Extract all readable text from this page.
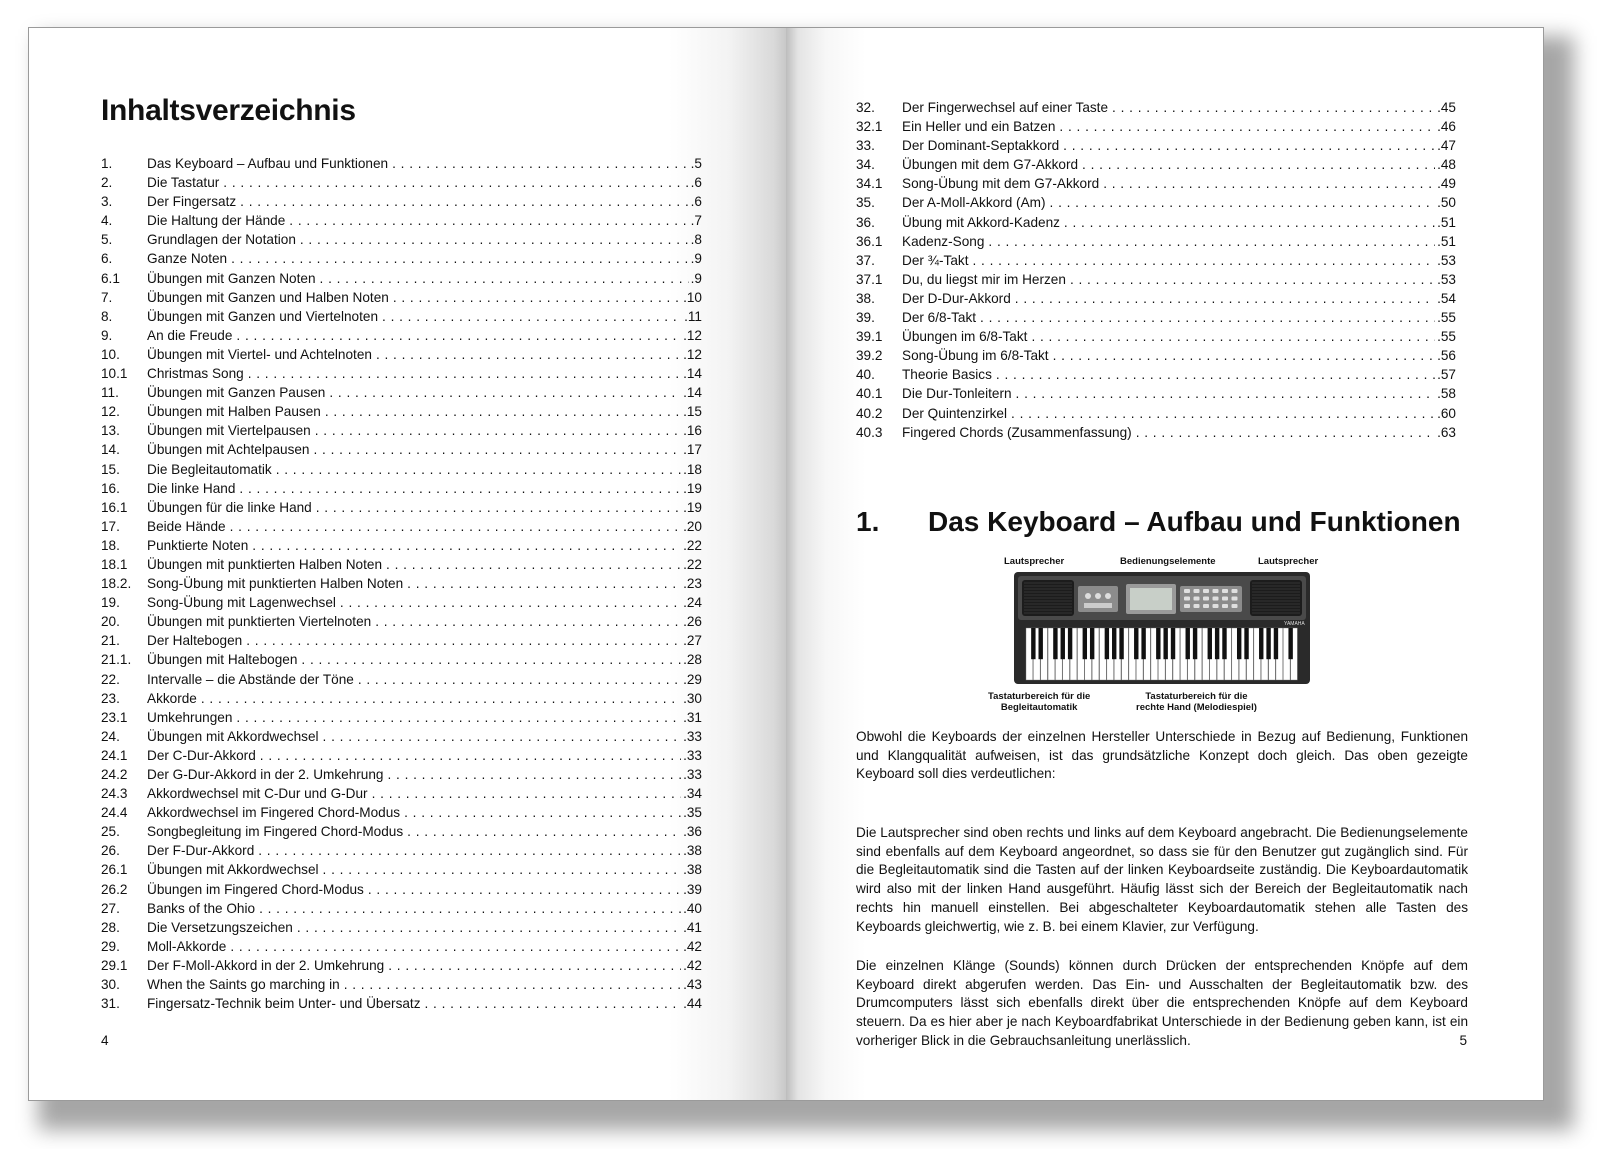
Inhaltsverzeichnis
1.	Das Keyboard – Aufbau und Funktionen . . .	.5
2.	Die Tastatur . . .	.6
3.	Der Fingersatz . . .	.6
4.	Die Haltung der Hände . . .	.7
5.	Grundlagen der Notation . . .	.8
6.	Ganze Noten . . .	.9
6.1	Übungen mit Ganzen Noten . . .	.9
7.	Übungen mit Ganzen und Halben Noten . . .	.10
8.	Übungen mit Ganzen und Viertelnoten . . .	.11
9.	An die Freude . . .	.12
10.	Übungen mit Viertel- und Achtelnoten . . .	.12
10.1	Christmas Song . . .	.14
11.	Übungen mit Ganzen Pausen . . .	.14
12.	Übungen mit Halben Pausen . . .	.15
13.	Übungen mit Viertelpausen . . .	.16
14.	Übungen mit Achtelpausen . . .	.17
15.	Die Begleitautomatik . . .	.18
16.	Die linke Hand . . .	.19
16.1	Übungen für die linke Hand . . .	.19
17.	Beide Hände . . .	.20
18.	Punktierte Noten . . .	.22
18.1	Übungen mit punktierten Halben Noten . . .	.22
18.2.	Song-Übung mit punktierten Halben Noten . . .	.23
19.	Song-Übung mit Lagenwechsel . . .	.24
20.	Übungen mit punktierten Viertelnoten . . .	.26
21.	Der Haltebogen . . .	.27
21.1.	Übungen mit Haltebogen . . .	.28
22.	Intervalle – die Abstände der Töne . . .	.29
23.	Akkorde . . .	.30
23.1	Umkehrungen . . .	.31
24.	Übungen mit Akkordwechsel . . .	.33
24.1	Der C-Dur-Akkord . . .	.33
24.2	Der G-Dur-Akkord in der 2. Umkehrung . . .	.33
24.3	Akkordwechsel mit C-Dur und G-Dur . . .	.34
24.4	Akkordwechsel im Fingered Chord-Modus . . .	.35
25.	Songbegleitung im Fingered Chord-Modus . . .	.36
26.	Der F-Dur-Akkord . . .	.38
26.1	Übungen mit Akkordwechsel . . .	.38
26.2	Übungen im Fingered Chord-Modus . . .	.39
27.	Banks of the Ohio . . .	.40
28.	Die Versetzungszeichen . . .	.41
29.	Moll-Akkorde . . .	.42
29.1	Der F-Moll-Akkord in der 2. Umkehrung . . .	.42
30.	When the Saints go marching in . . .	.43
31.	Fingersatz-Technik beim Unter- und Übersatz . . .	.44
4
32.	Der Fingerwechsel auf einer Taste . . .	.45
32.1	Ein Heller und ein Batzen . . .	.46
33.	Der Dominant-Septakkord . . .	.47
34.	Übungen mit dem G7-Akkord . . .	.48
34.1	Song-Übung mit dem G7-Akkord . . .	.49
35.	Der A-Moll-Akkord (Am) . . .	.50
36.	Übung mit Akkord-Kadenz . . .	.51
36.1	Kadenz-Song . . .	.51
37.	Der ¾-Takt . . .	.53
37.1	Du, du liegst mir im Herzen . . .	.53
38.	Der D-Dur-Akkord . . .	.54
39.	Der 6/8-Takt . . .	.55
39.1	Übungen im 6/8-Takt . . .	.55
39.2	Song-Übung im 6/8-Takt . . .	.56
40.	Theorie Basics . . .	.57
40.1	Die Dur-Tonleitern . . .	.58
40.2	Der Quintenzirkel . . .	.60
40.3	Fingered Chords (Zusammenfassung) . . .	.63
1. Das Keyboard – Aufbau und Funktionen
Lautsprecher	Bedienungselemente	Lautsprecher
YAMAHA
Tastaturbereich für die
Begleitautomatik
Tastaturbereich für die
rechte Hand (Melodiespiel)

Obwohl die Keyboards der einzelnen Hersteller Unterschiede in Bezug auf Bedienung, Funktionen und Klangqualität aufweisen, ist das grundsätzliche Konzept doch gleich. Das oben gezeigte Keyboard soll dies verdeutlichen:

Die Lautsprecher sind oben rechts und links auf dem Keyboard angebracht. Die Bedienungselemente sind ebenfalls auf dem Keyboard angeordnet, so dass sie für den Benutzer gut zugänglich sind. Für die Begleitautomatik sind die Tasten auf der linken Keyboardseite zuständig. Die Keyboardautomatik wird also mit der linken Hand ausgeführt. Häufig lässt sich der Bereich der Begleitautomatik nach rechts hin manuell einstellen. Bei abgeschalteter Keyboardautomatik stehen alle Tasten des Keyboards gleichwertig, wie z. B. bei einem Klavier, zur Verfügung.

Die einzelnen Klänge (Sounds) können durch Drücken der entsprechenden Knöpfe auf dem Keyboard direkt abgerufen werden. Das Ein- und Ausschalten der Begleitautomatik bzw. des Drumcomputers lässt sich ebenfalls direkt über die entsprechenden Knöpfe auf dem Keyboard steuern. Da es hier aber je nach Keyboardfabrikat Unterschiede in der Bedienung geben kann, ist ein vorheriger Blick in die Gebrauchsanleitung unerlässlich.	5
